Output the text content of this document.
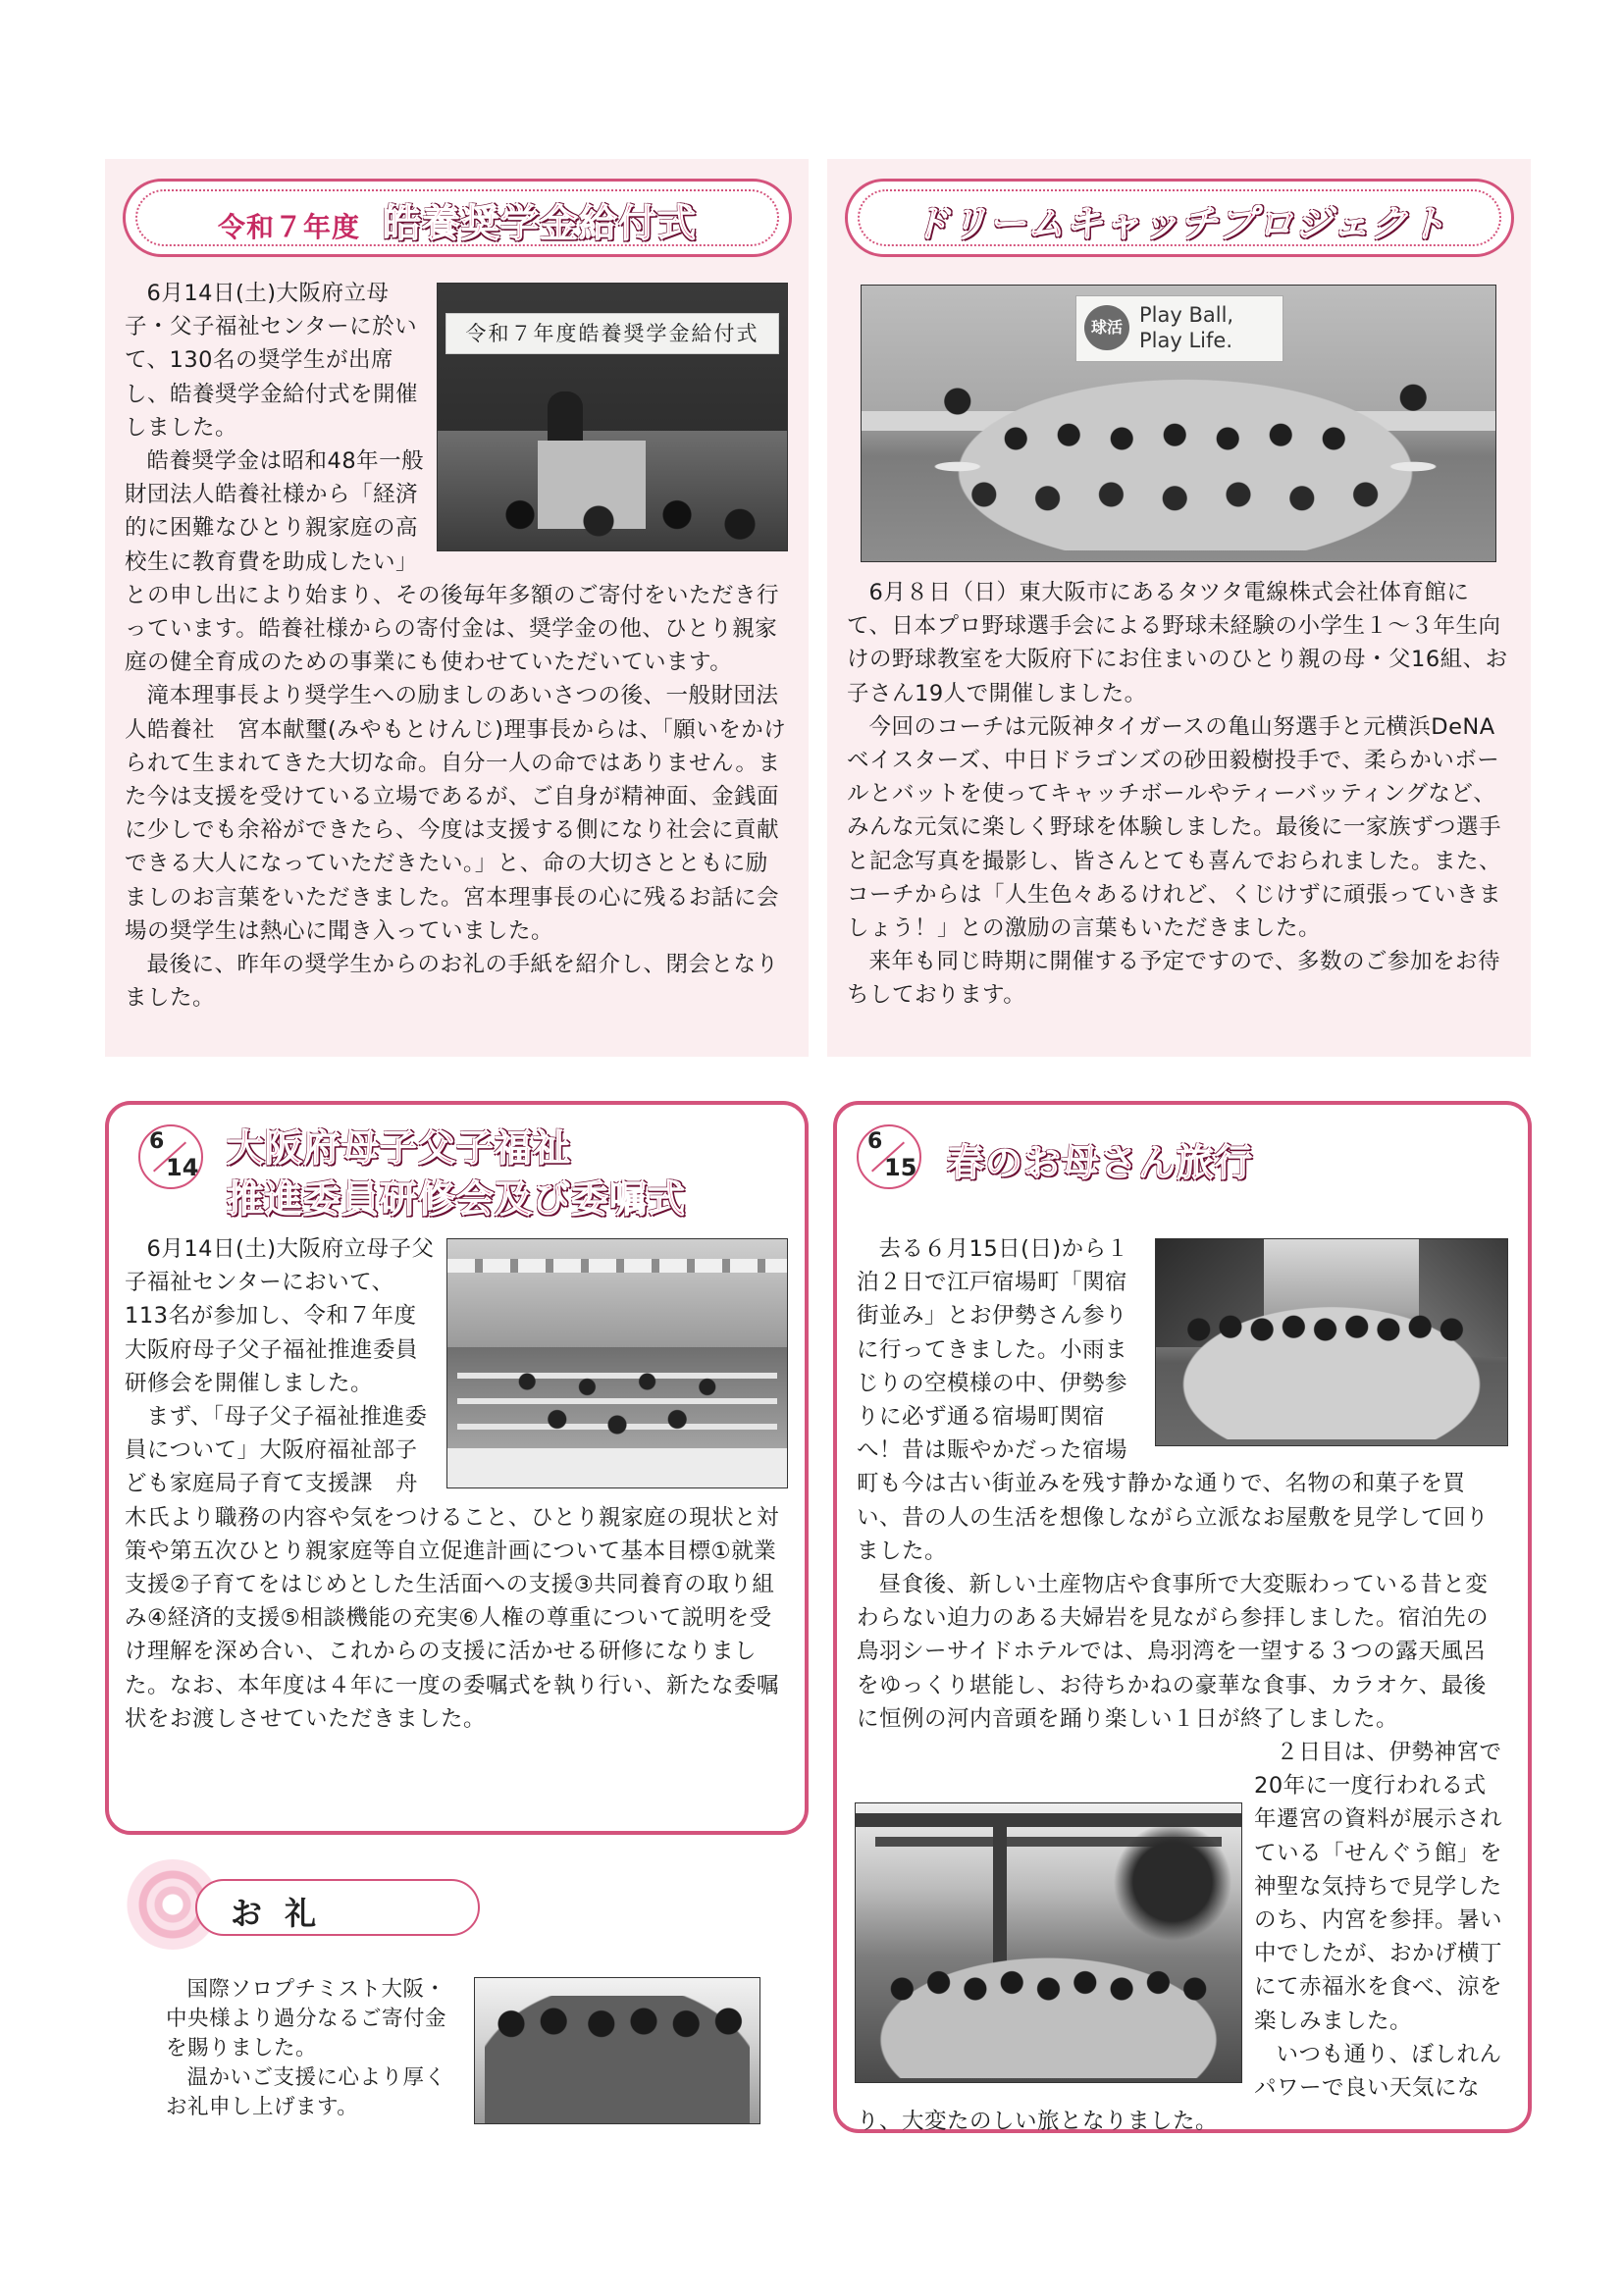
令和７年度 皓養奨学金給付式
令和７年度皓養奨学金給付式

6月14日(土)大阪府立母子・父子福祉センターに於いて、130名の奨学生が出席し、皓養奨学金給付式を開催しました。

皓養奨学金は昭和48年一般財団法人皓養社様から「経済的に困難なひとり親家庭の高校生に教育費を助成したい」との申し出により始まり、その後毎年多額のご寄付をいただき行っています。皓養社様からの寄付金は、奨学金の他、ひとり親家庭の健全育成のための事業にも使わせていただいています。

滝本理事長より奨学生への励ましのあいさつの後、一般財団法人皓養社　宮本献璽(みやもとけんじ)理事長からは、「願いをかけられて生まれてきた大切な命。自分一人の命ではありません。また今は支援を受けている立場であるが、ご自身が精神面、金銭面に少しでも余裕ができたら、今度は支援する側になり社会に貢献できる大人になっていただきたい。」と、命の大切さとともに励ましのお言葉をいただきました。宮本理事長の心に残るお話に会場の奨学生は熱心に聞き入っていました。

最後に、昨年の奨学生からのお礼の手紙を紹介し、閉会となりました。

ドリームキャッチプロジェクト
球活
Play Ball,
Play Life.

6月８日（日）東大阪市にあるタツタ電線株式会社体育館にて、日本プロ野球選手会による野球未経験の小学生１～３年生向けの野球教室を大阪府下にお住まいのひとり親の母・父16組、お子さん19人で開催しました。

今回のコーチは元阪神タイガースの亀山努選手と元横浜DeNA ベイスターズ、中日ドラゴンズの砂田毅樹投手で、柔らかいボールとバットを使ってキャッチボールやティーバッティングなど、みんな元気に楽しく野球を体験しました。最後に一家族ずつ選手と記念写真を撮影し、皆さんとても喜んでおられました。また、コーチからは「人生色々あるけれど、くじけずに頑張っていきましょう！」との激励の言葉もいただきました。

来年も同じ時期に開催する予定ですので、多数のご参加をお待ちしております。

6
14 大阪府母子父子福祉
推進委員研修会及び委嘱式

6月14日(土)大阪府立母子父子福祉センターにおいて、113名が参加し、令和７年度大阪府母子父子福祉推進委員研修会を開催しました。

まず、「母子父子福祉推進委員について」大阪府福祉部子ども家庭局子育て支援課　舟木氏より職務の内容や気をつけること、ひとり親家庭の現状と対策や第五次ひとり親家庭等自立促進計画について基本目標①就業支援②子育てをはじめとした生活面への支援③共同養育の取り組み④経済的支援⑤相談機能の充実⑥人権の尊重について説明を受け理解を深め合い、これからの支援に活かせる研修になりました。なお、本年度は４年に一度の委嘱式を執り行い、新たな委嘱状をお渡しさせていただきました。

6
15 春のお母さん旅行

去る６月15日(日)から１泊２日で江戸宿場町「関宿街並み」とお伊勢さん参りに行ってきました。小雨まじりの空模様の中、伊勢参りに必ず通る宿場町関宿へ！昔は賑やかだった宿場町も今は古い街並みを残す静かな通りで、名物の和菓子を買い、昔の人の生活を想像しながら立派なお屋敷を見学して回りました。

昼食後、新しい土産物店や食事所で大変賑わっている昔と変わらない迫力のある夫婦岩を見ながら参拝しました。宿泊先の鳥羽シーサイドホテルでは、鳥羽湾を一望する３つの露天風呂をゆっくり堪能し、お待ちかねの豪華な食事、カラオケ、最後に恒例の河内音頭を踊り楽しい１日が終了しました。

２日目は、伊勢神宮で20年に一度行われる式年遷宮の資料が展示されている「せんぐう館」を神聖な気持ちで見学したのち、内宮を参拝。暑い中でしたが、おかげ横丁にて赤福氷を食べ、涼を楽しみました。
いつも通り、ぼしれんパワーで良い天気になり、大変たのしい旅となりました。

お 礼

国際ソロプチミスト大阪・中央様より過分なるご寄付金を賜りました。

温かいご支援に心より厚くお礼申し上げます。
